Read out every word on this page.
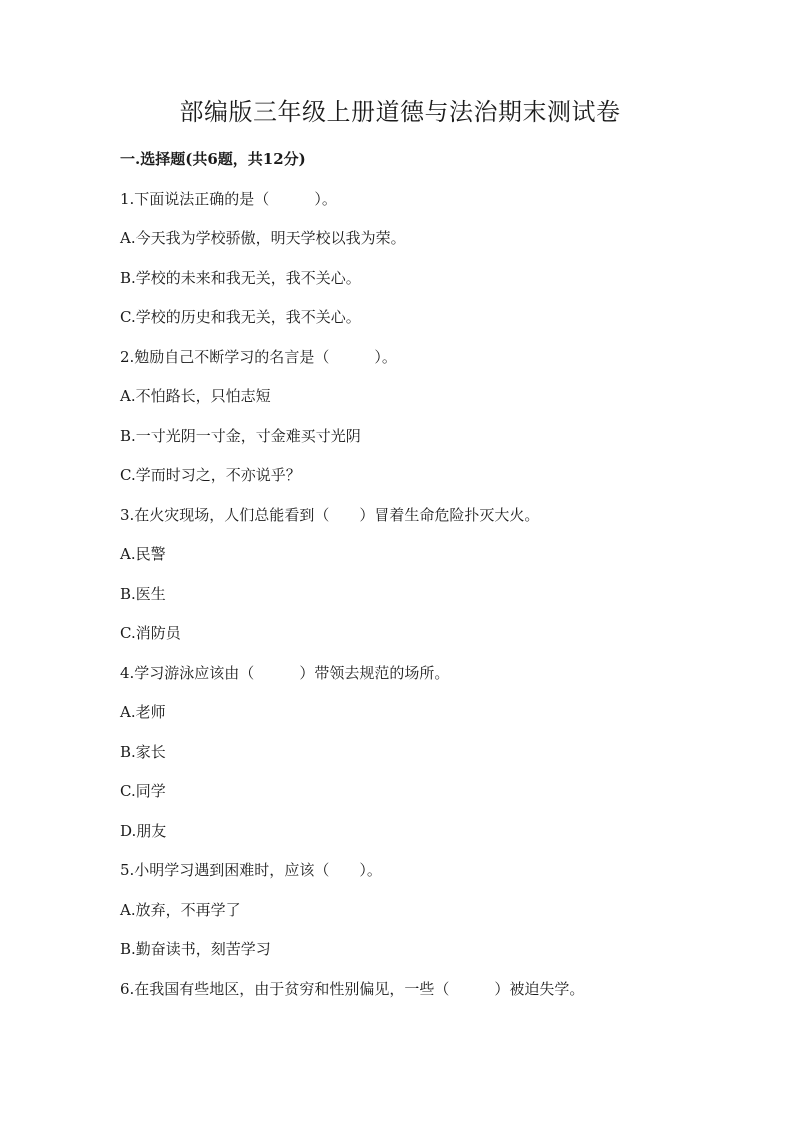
部编版三年级上册道德与法治期末测试卷
一.选择题(共6题，共12分)
1.下面说法正确的是（　　　）。
A.今天我为学校骄傲，明天学校以我为荣。
B.学校的未来和我无关，我不关心。
C.学校的历史和我无关，我不关心。
2.勉励自己不断学习的名言是（　　　）。
A.不怕路长，只怕志短
B.一寸光阴一寸金，寸金难买寸光阴
C.学而时习之，不亦说乎？
3.在火灾现场，人们总能看到（　　）冒着生命危险扑灭大火。
A.民警
B.医生
C.消防员
4.学习游泳应该由（　　　）带领去规范的场所。
A.老师
B.家长
C.同学
D.朋友
5.小明学习遇到困难时，应该（　　）。
A.放弃，不再学了
B.勤奋读书，刻苦学习
6.在我国有些地区，由于贫穷和性别偏见，一些（　　　）被迫失学。
